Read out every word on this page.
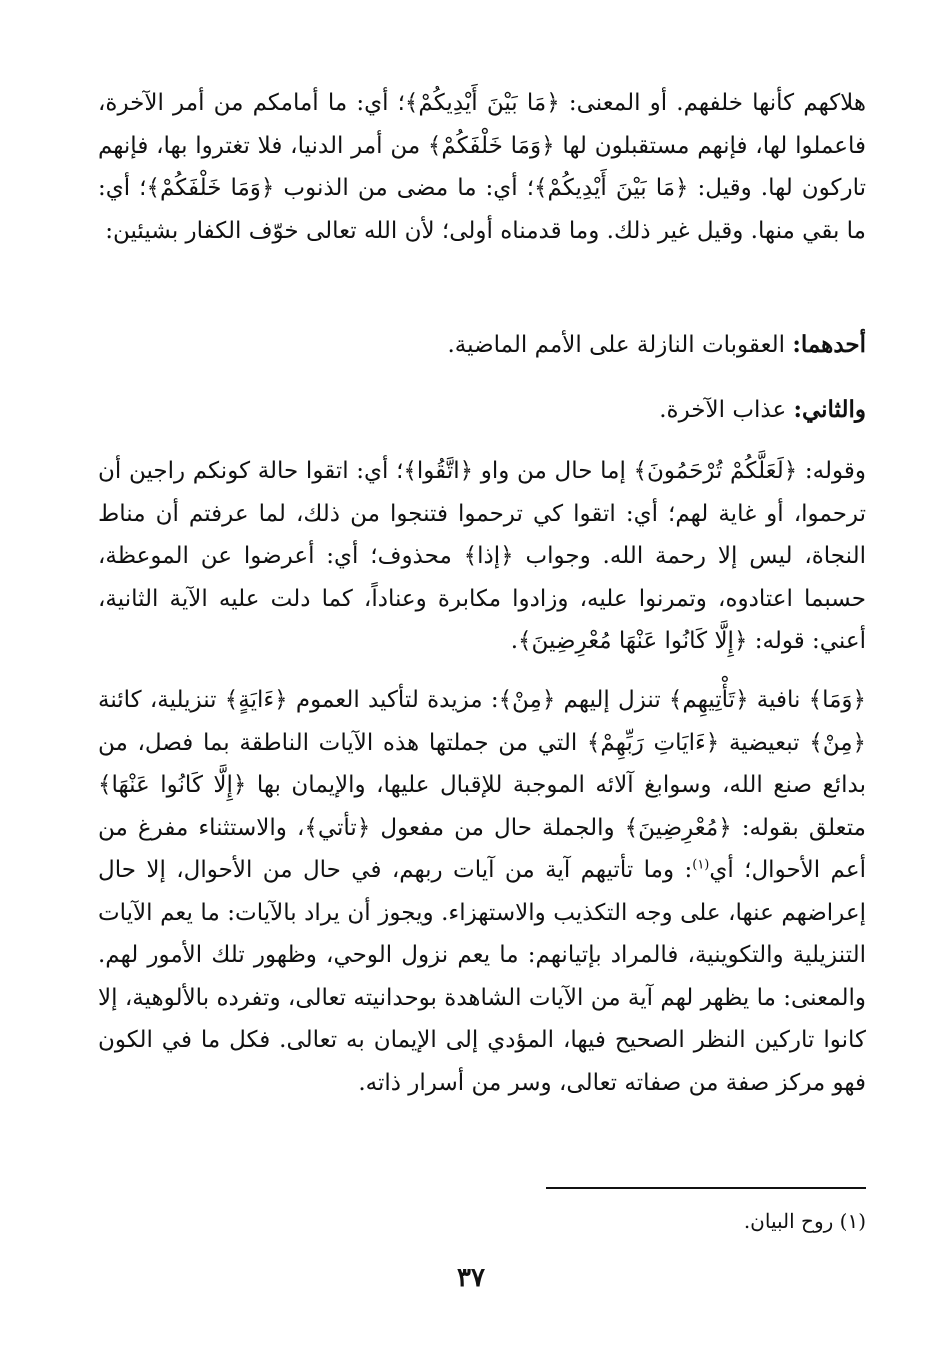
هلاكهم كأنها خلفهم. أو المعنى: ﴿مَا بَيْنَ أَيْدِيكُمْ﴾؛ أي: ما أمامكم من أمر الآخرة، فاعملوا لها، فإنهم مستقبلون لها ﴿وَمَا خَلْفَكُمْ﴾ من أمر الدنيا، فلا تغتروا بها، فإنهم تاركون لها. وقيل: ﴿مَا بَيْنَ أَيْدِيكُمْ﴾؛ أي: ما مضى من الذنوب ﴿وَمَا خَلْفَكُمْ﴾؛ أي: ما بقي منها. وقيل غير ذلك. وما قدمناه أولى؛ لأن الله تعالى خوّف الكفار بشيئين:
أحدهما: العقوبات النازلة على الأمم الماضية.
والثاني: عذاب الآخرة.
وقوله: ﴿لَعَلَّكُمْ تُرْحَمُونَ﴾ إما حال من واو ﴿اتَّقُوا﴾؛ أي: اتقوا حالة كونكم راجين أن ترحموا، أو غاية لهم؛ أي: اتقوا كي ترحموا فتنجوا من ذلك، لما عرفتم أن مناط النجاة، ليس إلا رحمة الله. وجواب ﴿إذا﴾ محذوف؛ أي: أعرضوا عن الموعظة، حسبما اعتادوه، وتمرنوا عليه، وزادوا مكابرة وعناداً، كما دلت عليه الآية الثانية، أعني: قوله: ﴿إِلَّا كَانُوا عَنْهَا مُعْرِضِينَ﴾.
﴿وَمَا﴾ نافية ﴿تَأْتِيهِم﴾ تنزل إليهم ﴿مِنْ﴾: مزيدة لتأكيد العموم ﴿ءَايَةٍ﴾ تنزيلية، كائنة ﴿مِنْ﴾ تبعيضية ﴿ءَايَاتِ رَبِّهِمْ﴾ التي من جملتها هذه الآيات الناطقة بما فصل، من بدائع صنع الله، وسوابغ آلائه الموجبة للإقبال عليها، والإيمان بها ﴿إِلَّا كَانُوا عَنْهَا﴾ متعلق بقوله: ﴿مُعْرِضِينَ﴾ والجملة حال من مفعول ﴿تأتي﴾، والاستثناء مفرغ من أعم الأحوال؛ أي$^{(١)}$: وما تأتيهم آية من آيات ربهم، في حال من الأحوال، إلا حال إعراضهم عنها، على وجه التكذيب والاستهزاء. ويجوز أن يراد بالآيات: ما يعم الآيات التنزيلية والتكوينية، فالمراد بإتيانهم: ما يعم نزول الوحي، وظهور تلك الأمور لهم. والمعنى: ما يظهر لهم آية من الآيات الشاهدة بوحدانيته تعالى، وتفرده بالألوهية، إلا كانوا تاركين النظر الصحيح فيها، المؤدي إلى الإيمان به تعالى. فكل ما في الكون فهو مركز صفة من صفاته تعالى، وسر من أسرار ذاته.
(١) روح البيان.
٣٧
